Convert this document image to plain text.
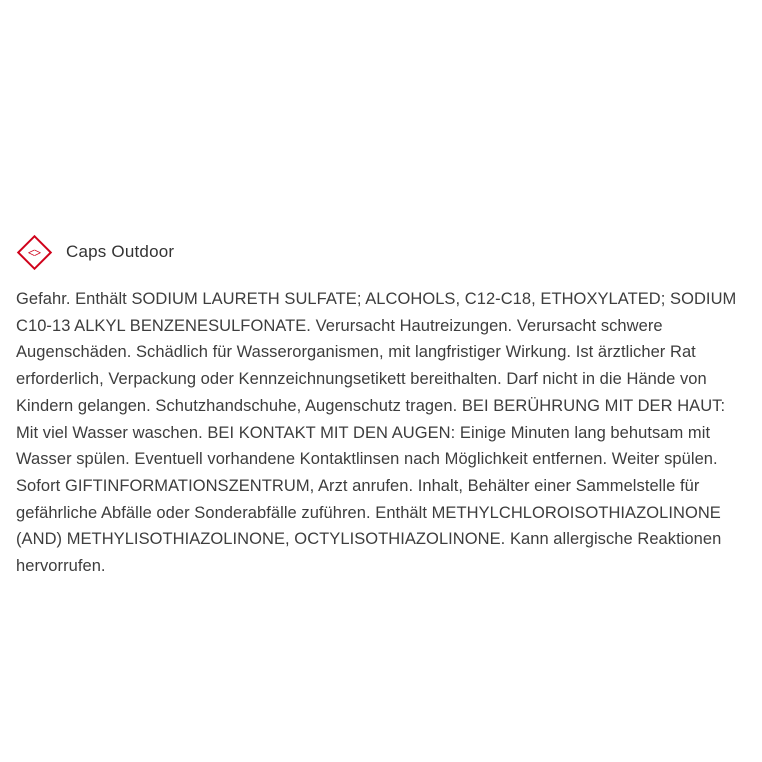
<>	Caps Outdoor
Gefahr. Enthält SODIUM LAURETH SULFATE; ALCOHOLS, C12-C18, ETHOXYLATED; SODIUM C10-13 ALKYL BENZENESULFONATE. Verursacht Hautreizungen. Verursacht schwere Augenschäden. Schädlich für Wasserorganismen, mit langfristiger Wirkung. Ist ärztlicher Rat erforderlich, Verpackung oder Kennzeichnungsetikett bereithalten. Darf nicht in die Hände von Kindern gelangen. Schutzhandschuhe, Augenschutz tragen. BEI BERÜHRUNG MIT DER HAUT: Mit viel Wasser waschen. BEI KONTAKT MIT DEN AUGEN: Einige Minuten lang behutsam mit Wasser spülen. Eventuell vorhandene Kontaktlinsen nach Möglichkeit entfernen. Weiter spülen. Sofort GIFTINFORMATIONSZENTRUM, Arzt anrufen. Inhalt, Behälter einer Sammelstelle für gefährliche Abfälle oder Sonderabfälle zuführen. Enthält METHYLCHLOROISOTHIAZOLINONE (AND) METHYLISOTHIAZOLINONE, OCTYLISOTHIAZOLINONE. Kann allergische Reaktionen hervorrufen.
